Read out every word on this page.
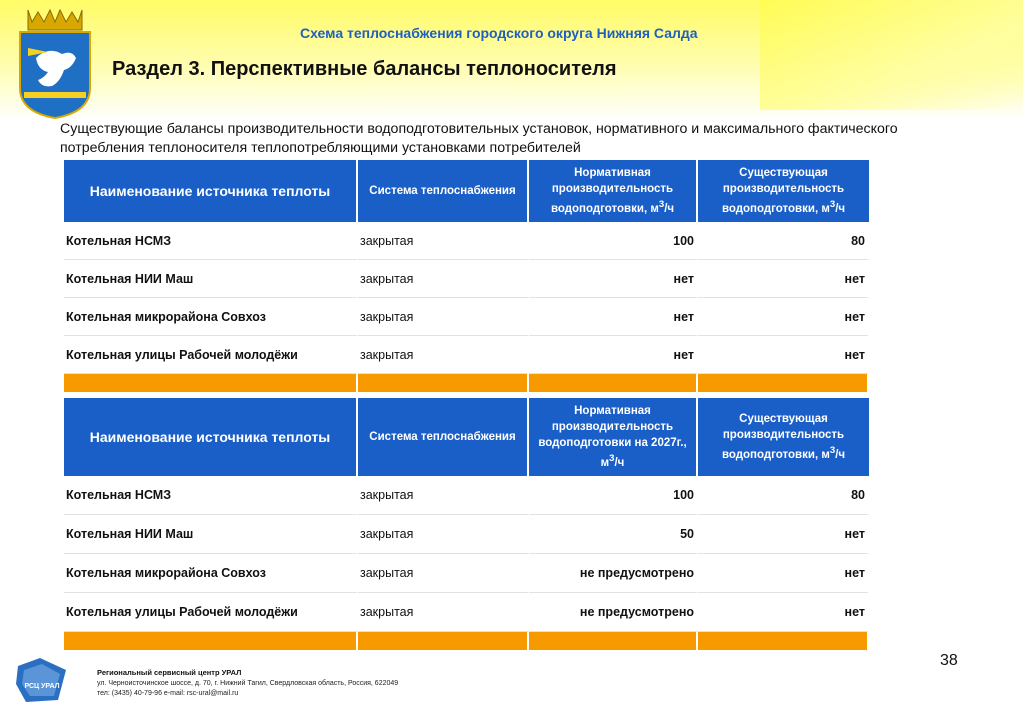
Схема теплоснабжения городского округа Нижняя Салда
Раздел 3. Перспективные балансы теплоносителя
Существующие балансы производительности водоподготовительных установок, нормативного и максимального фактического потребления теплоносителя теплопотребляющими установками потребителей
Наименование источника теплоты	Система теплоснабжения	Нормативная производительность водоподготовки, $м^3/ч$	Существующая производительность водоподготовки, $м^3/ч$
Котельная НСМЗ	закрытая	100	80
Котельная НИИ Маш	закрытая	нет	нет
Котельная микрорайона Совхоз	закрытая	нет	нет
Котельная улицы Рабочей молодёжи	закрытая	нет	нет

Наименование источника теплоты	Система теплоснабжения	Нормативная производительность водоподготовки на 2027г., $м^3/ч$	Существующая производительность водоподготовки, $м^3/ч$
Котельная НСМЗ	закрытая	100	80
Котельная НИИ Маш	закрытая	50	нет
Котельная микрорайона Совхоз	закрытая	не предусмотрено	нет
Котельная улицы Рабочей молодёжи	закрытая	не предусмотрено	нет

РСЦ УРАЛ
Региональный сервисный центр УРАЛ
ул. Черноисточинское шоссе, д. 70, г. Нижний Тагил, Свердловская область, Россия, 622049
тел: (3435) 40-79-96 e-mail: rsc-ural@mail.ru
38
